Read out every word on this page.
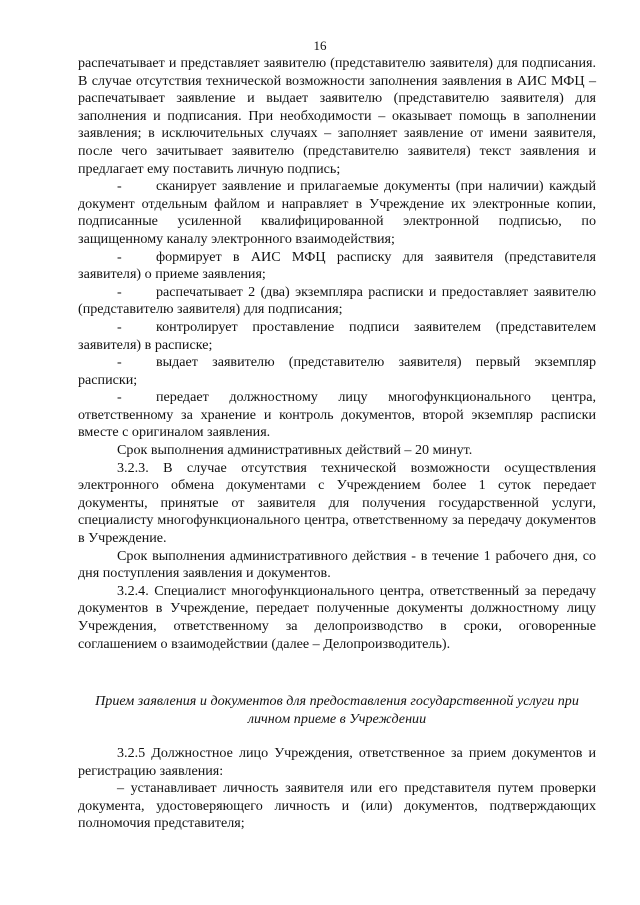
16

распечатывает и представляет заявителю (представителю заявителя) для подписания. В случае отсутствия технической возможности заполнения заявления в АИС МФЦ – распечатывает заявление и выдает заявителю (представителю заявителя) для заполнения и подписания. При необходимости – оказывает помощь в заполнении заявления; в исключительных случаях – заполняет заявление от имени заявителя, после чего зачитывает заявителю (представителю заявителя) текст заявления и предлагает ему поставить личную подпись;

-	сканирует заявление и прилагаемые документы (при наличии) каждый документ отдельным файлом и направляет в Учреждение их электронные копии, подписанные усиленной квалифицированной электронной подписью, по защищенному каналу электронного взаимодействия;
-	формирует в АИС МФЦ расписку для заявителя (представителя заявителя) о приеме заявления;
-	распечатывает 2 (два) экземпляра расписки и предоставляет заявителю (представителю заявителя) для подписания;
-	контролирует проставление подписи заявителем (представителем заявителя) в расписке;
-	выдает заявителю (представителю заявителя) первый экземпляр расписки;
-	передает должностному лицу многофункционального центра, ответственному за хранение и контроль документов, второй экземпляр расписки вместе с оригиналом заявления.

Срок выполнения административных действий – 20 минут.

3.2.3. В случае отсутствия технической возможности осуществления электронного обмена документами с Учреждением более 1 суток передает документы, принятые от заявителя для получения государственной услуги, специалисту многофункционального центра, ответственному за передачу документов в Учреждение.

Срок выполнения административного действия - в течение 1 рабочего дня, со дня поступления заявления и документов.

3.2.4. Специалист многофункционального центра, ответственный за передачу документов в Учреждение, передает полученные документы должностному лицу Учреждения, ответственному за делопроизводство в сроки, оговоренные соглашением о взаимодействии (далее – Делопроизводитель).

Прием заявления и документов для предоставления государственной услуги при личном приеме в Учреждении

3.2.5 Должностное лицо Учреждения, ответственное за прием документов и регистрацию заявления:

– устанавливает личность заявителя или его представителя путем проверки документа, удостоверяющего личность и (или) документов, подтверждающих полномочия представителя;
